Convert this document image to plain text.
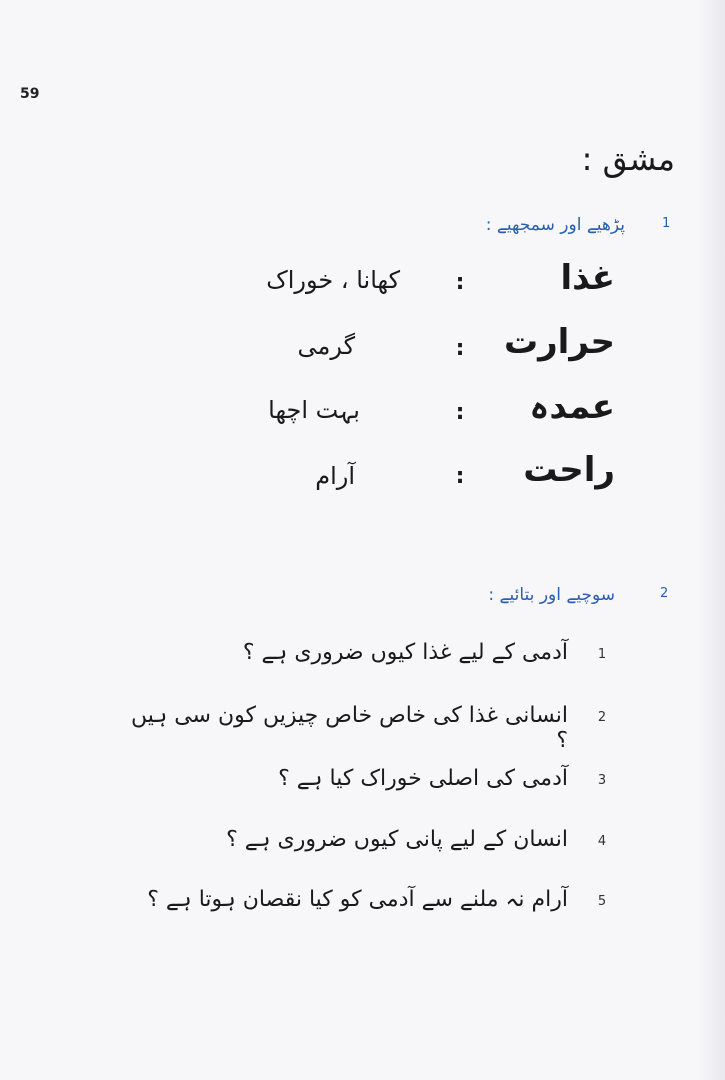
59
مشق :
1
پڑھیے اور سمجھیے :
غذا
:
کھانا ، خوراک
حرارت
:
گرمی
عمدہ
:
بہت اچھا
راحت
:
آرام
2
سوچیے اور بتائیے :
1
آدمی کے لیے غذا کیوں ضروری ہے ؟
2
انسانی غذا کی خاص خاص چیزیں کون سی ہیں ؟
3
آدمی کی اصلی خوراک کیا ہے ؟
4
انسان کے لیے پانی کیوں ضروری ہے ؟
5
آرام نہ ملنے سے آدمی کو کیا نقصان ہوتا ہے ؟
